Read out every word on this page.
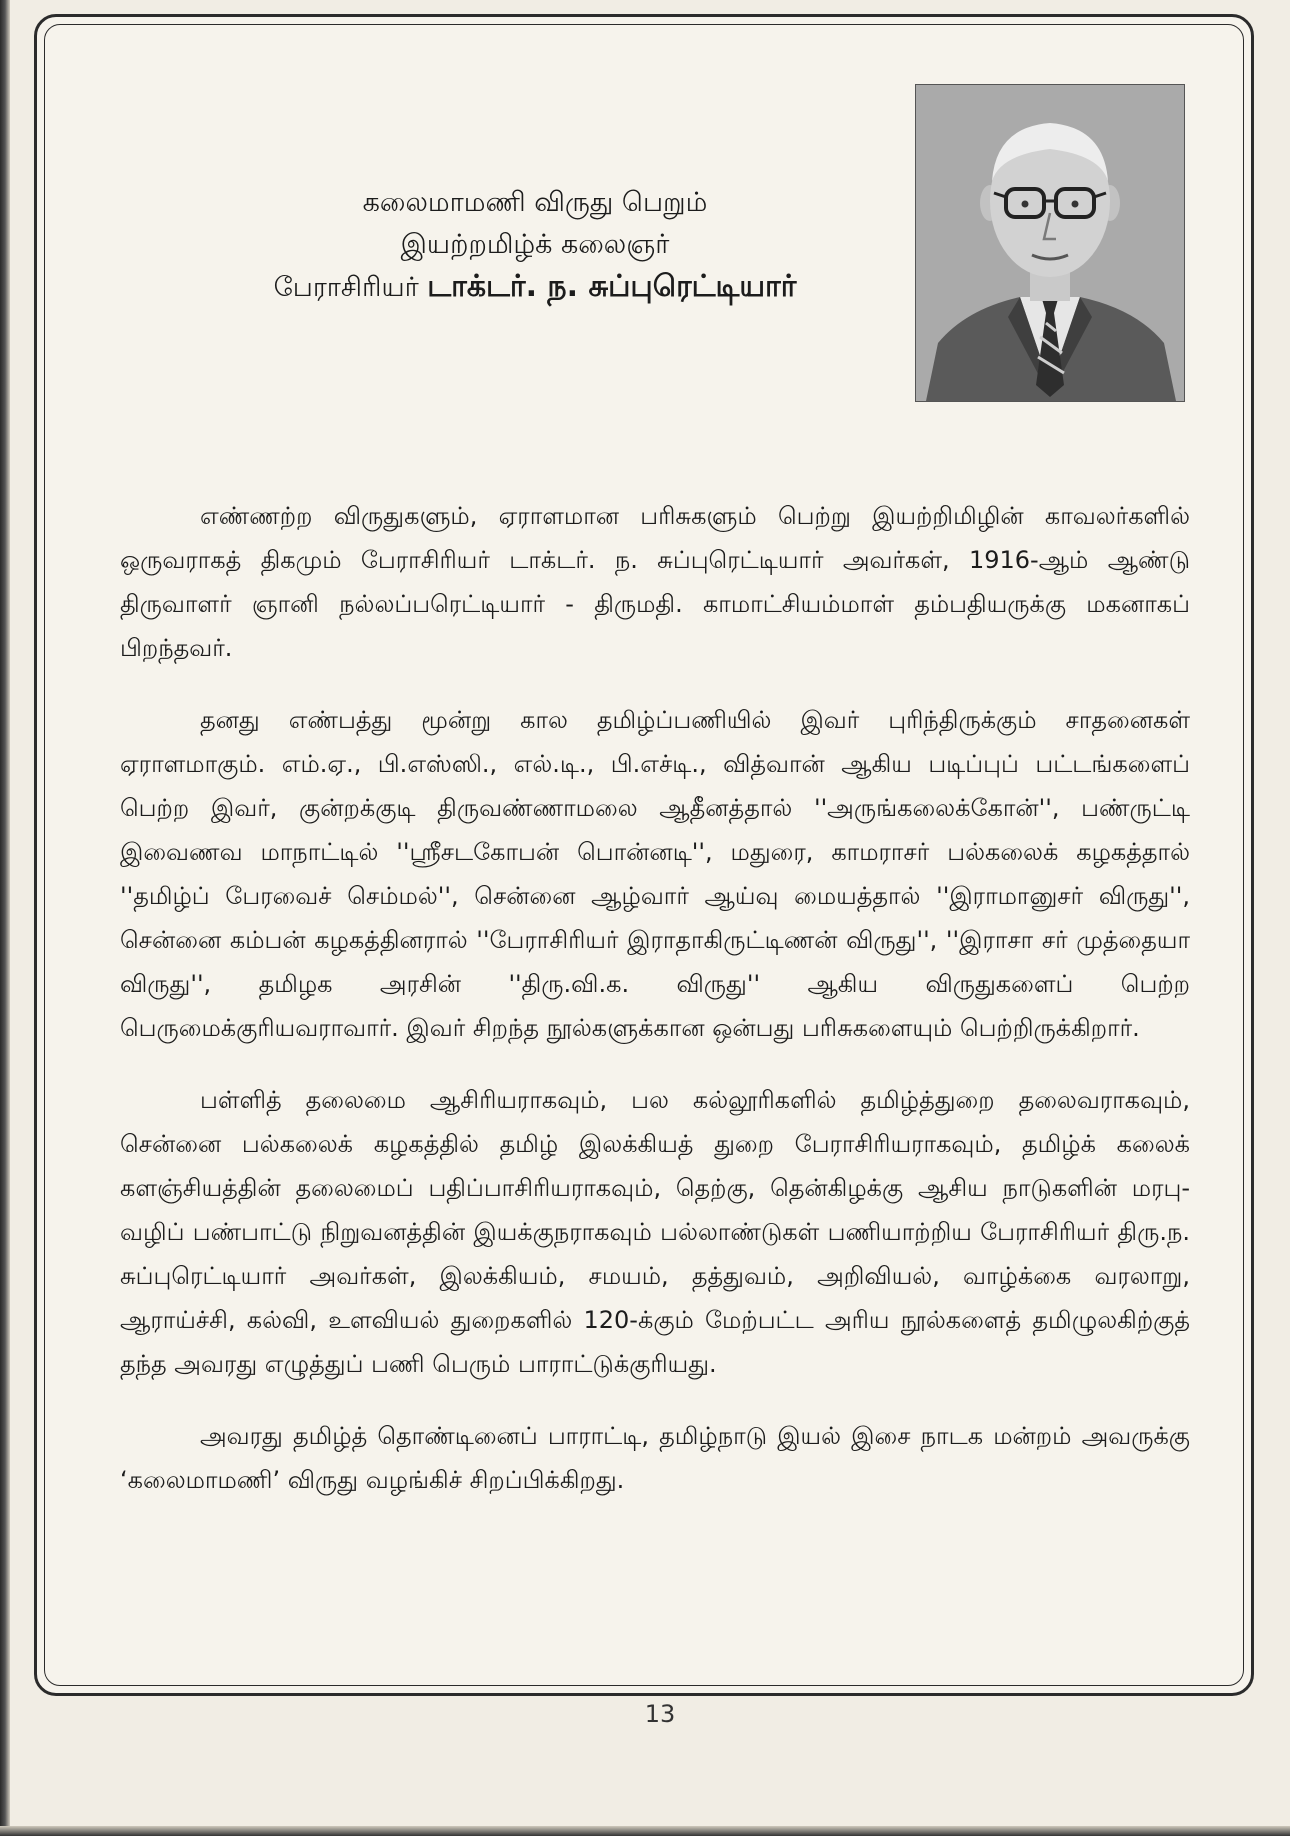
கலைமாமணி விருது பெறும்
இயற்றமிழ்க் கலைஞர்
பேராசிரியர் டாக்டர். ந. சுப்புரெட்டியார்

எண்ணற்ற விருதுகளும், ஏராளமான பரிசுகளும் பெற்று இயற்றிமிழின் காவலர்களில் ஒருவராகத் திகமும் பேராசிரியர் டாக்டர். ந. சுப்புரெட்டியார் அவர்கள், 1916-ஆம் ஆண்டு திருவாளர் ஞானி நல்லப்பரெட்டியார் - திருமதி. காமாட்சியம்மாள் தம்பதியருக்கு மகனாகப் பிறந்தவர்.

தனது எண்பத்து மூன்று கால தமிழ்ப்பணியில் இவர் புரிந்திருக்கும் சாதனைகள் ஏராளமாகும். எம்.ஏ., பி.எஸ்ஸி., எல்.டி., பி.எச்டி., வித்வான் ஆகிய படிப்புப் பட்டங்களைப் பெற்ற இவர், குன்றக்குடி திருவண்ணாமலை ஆதீனத்தால் ''அருங்கலைக்கோன்'', பண்ருட்டி இவைணவ மாநாட்டில் ''ஸ்ரீசடகோபன் பொன்னடி'', மதுரை, காமராசர் பல்கலைக் கழகத்தால் ''தமிழ்ப் பேரவைச் செம்மல்'', சென்னை ஆழ்வார் ஆய்வு மையத்தால் ''இராமானுசர் விருது'', சென்னை கம்பன் கழகத்தினரால் ''பேராசிரியர் இராதாகிருட்டிணன் விருது'', ''இராசா சர் முத்தையா விருது'', தமிழக அரசின் ''திரு.வி.க. விருது'' ஆகிய விருதுகளைப் பெற்ற பெருமைக்குரியவராவார். இவர் சிறந்த நூல்களுக்கான ஒன்பது பரிசுகளையும் பெற்றிருக்கிறார்.

பள்ளித் தலைமை ஆசிரியராகவும், பல கல்லூரிகளில் தமிழ்த்துறை தலைவராகவும், சென்னை பல்கலைக் கழகத்தில் தமிழ் இலக்கியத் துறை பேராசிரியராகவும், தமிழ்க் கலைக் களஞ்சியத்தின் தலைமைப் பதிப்பாசிரியராகவும், தெற்கு, தென்கிழக்கு ஆசிய நாடுகளின் மரபு-வழிப் பண்பாட்டு நிறுவனத்தின் இயக்குநராகவும் பல்லாண்டுகள் பணியாற்றிய பேராசிரியர் திரு.ந. சுப்புரெட்டியார் அவர்கள், இலக்கியம், சமயம், தத்துவம், அறிவியல், வாழ்க்கை வரலாறு, ஆராய்ச்சி, கல்வி, உளவியல் துறைகளில் 120-க்கும் மேற்பட்ட அரிய நூல்களைத் தமிழுலகிற்குத் தந்த அவரது எழுத்துப் பணி பெரும் பாராட்டுக்குரியது.

அவரது தமிழ்த் தொண்டினைப் பாராட்டி, தமிழ்நாடு இயல் இசை நாடக மன்றம் அவருக்கு ‘கலைமாமணி’ விருது வழங்கிச் சிறப்பிக்கிறது.

13
